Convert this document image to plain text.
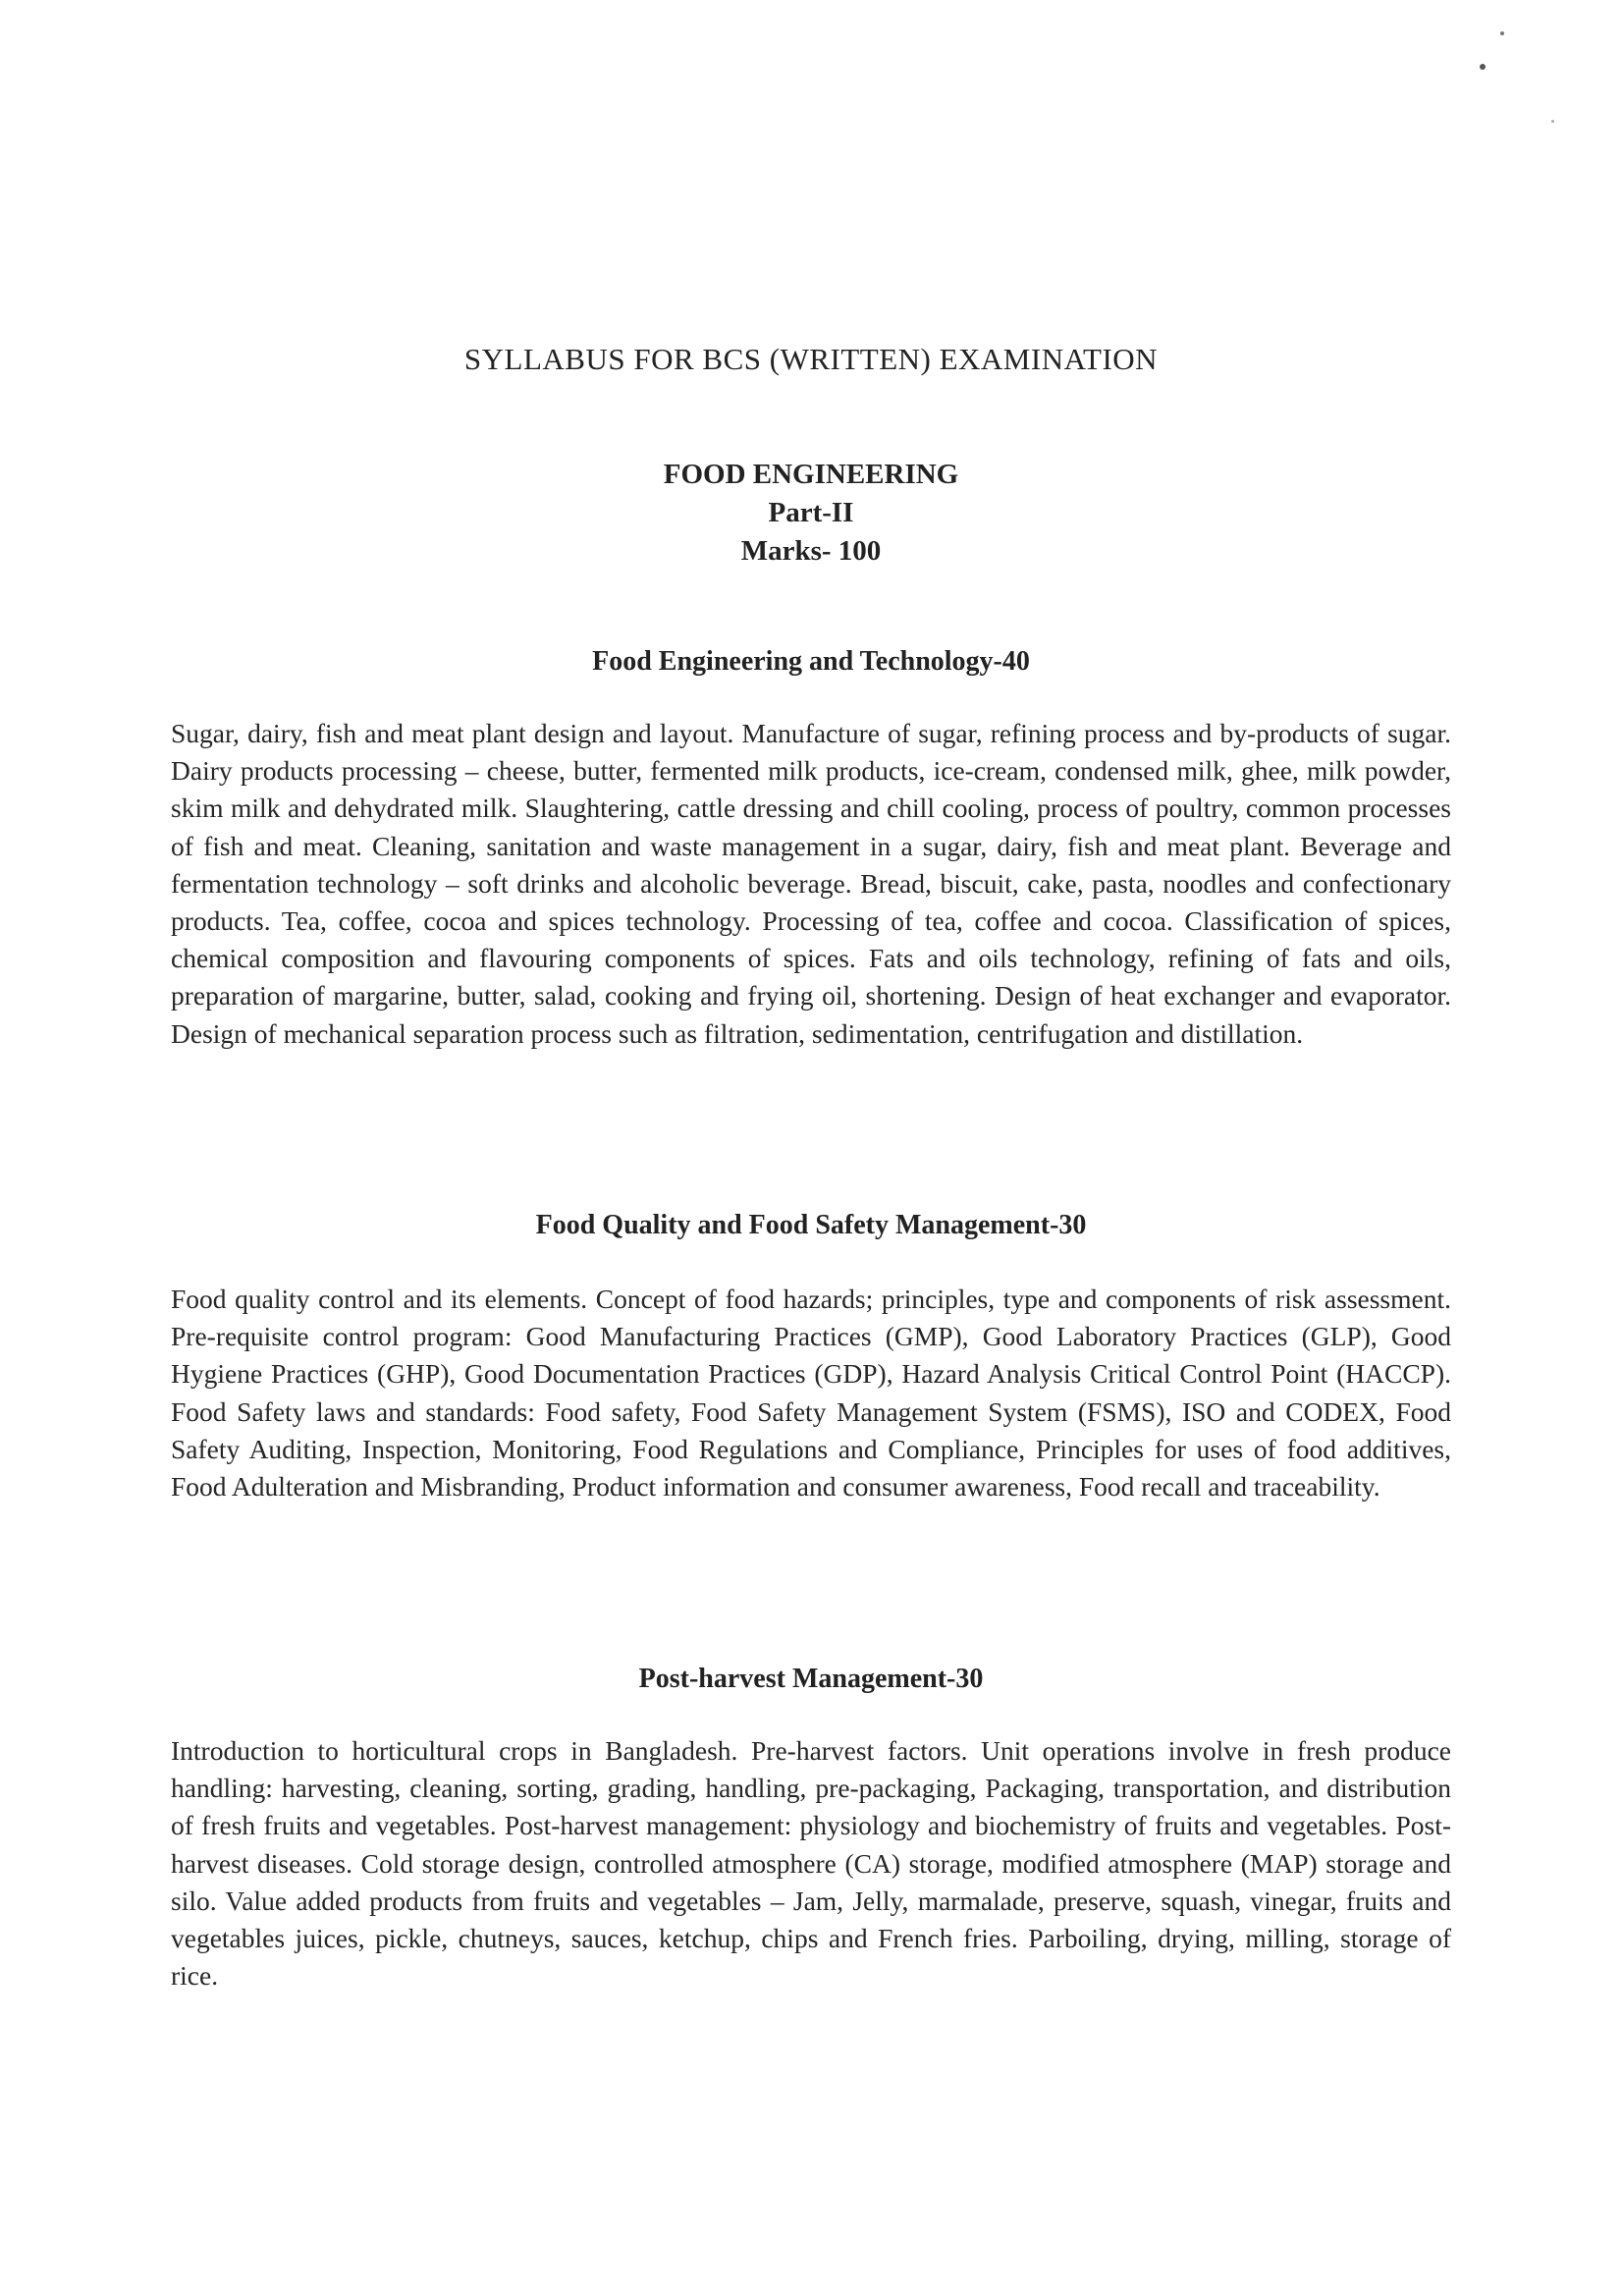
SYLLABUS FOR BCS (WRITTEN) EXAMINATION
FOOD ENGINEERING
Part-II
Marks- 100
Food Engineering and Technology-40
Sugar, dairy, fish and meat plant design and layout. Manufacture of sugar, refining process and by-products of sugar. Dairy products processing – cheese, butter, fermented milk products, ice-cream, condensed milk, ghee, milk powder, skim milk and dehydrated milk. Slaughtering, cattle dressing and chill cooling, process of poultry, common processes of fish and meat. Cleaning, sanitation and waste management in a sugar, dairy, fish and meat plant. Beverage and fermentation technology – soft drinks and alcoholic beverage. Bread, biscuit, cake, pasta, noodles and confectionary products. Tea, coffee, cocoa and spices technology. Processing of tea, coffee and cocoa. Classification of spices, chemical composition and flavouring components of spices. Fats and oils technology, refining of fats and oils, preparation of margarine, butter, salad, cooking and frying oil, shortening. Design of heat exchanger and evaporator. Design of mechanical separation process such as filtration, sedimentation, centrifugation and distillation.
Food Quality and Food Safety Management-30
Food quality control and its elements. Concept of food hazards; principles, type and components of risk assessment. Pre-requisite control program: Good Manufacturing Practices (GMP), Good Laboratory Practices (GLP), Good Hygiene Practices (GHP), Good Documentation Practices (GDP), Hazard Analysis Critical Control Point (HACCP). Food Safety laws and standards: Food safety, Food Safety Management System (FSMS), ISO and CODEX, Food Safety Auditing, Inspection, Monitoring, Food Regulations and Compliance, Principles for uses of food additives, Food Adulteration and Misbranding, Product information and consumer awareness, Food recall and traceability.
Post-harvest Management-30
Introduction to horticultural crops in Bangladesh. Pre-harvest factors. Unit operations involve in fresh produce handling: harvesting, cleaning, sorting, grading, handling, pre-packaging, Packaging, transportation, and distribution of fresh fruits and vegetables. Post-harvest management: physiology and biochemistry of fruits and vegetables. Post-harvest diseases. Cold storage design, controlled atmosphere (CA) storage, modified atmosphere (MAP) storage and silo. Value added products from fruits and vegetables – Jam, Jelly, marmalade, preserve, squash, vinegar, fruits and vegetables juices, pickle, chutneys, sauces, ketchup, chips and French fries. Parboiling, drying, milling, storage of rice.
